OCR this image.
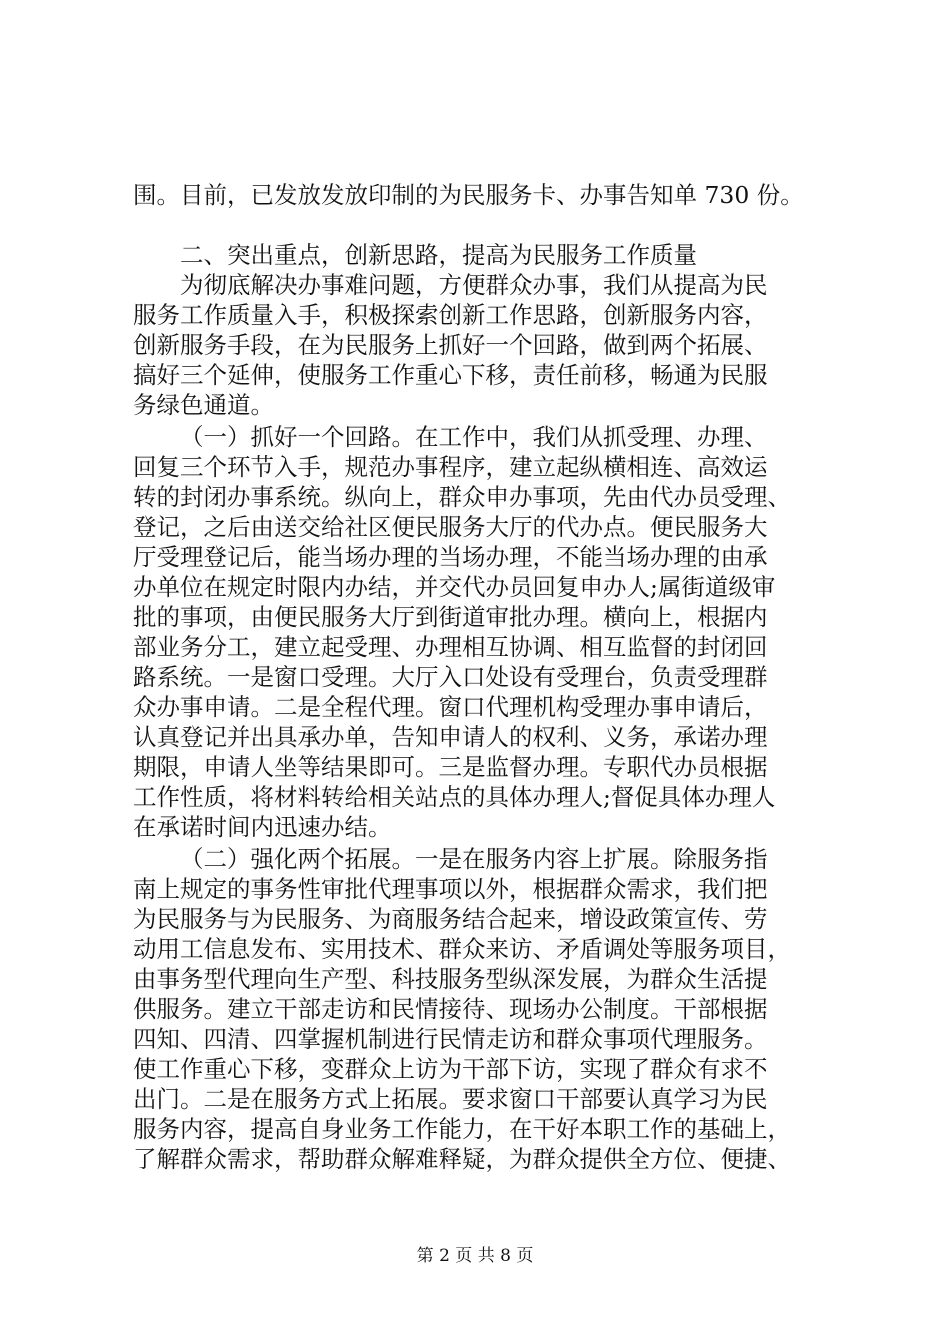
围。目前，已发放发放印制的为民服务卡、办事告知单 730 份。
二、突出重点，创新思路，提高为民服务工作质量
为彻底解决办事难问题，方便群众办事，我们从提高为民
服务工作质量入手，积极探索创新工作思路，创新服务内容，
创新服务手段，在为民服务上抓好一个回路，做到两个拓展、
搞好三个延伸，使服务工作重心下移，责任前移，畅通为民服
务绿色通道。
（一）抓好一个回路。在工作中，我们从抓受理、办理、
回复三个环节入手，规范办事程序，建立起纵横相连、高效运
转的封闭办事系统。纵向上，群众申办事项，先由代办员受理、
登记，之后由送交给社区便民服务大厅的代办点。便民服务大
厅受理登记后，能当场办理的当场办理，不能当场办理的由承
办单位在规定时限内办结，并交代办员回复申办人;属街道级审
批的事项，由便民服务大厅到街道审批办理。横向上，根据内
部业务分工，建立起受理、办理相互协调、相互监督的封闭回
路系统。一是窗口受理。大厅入口处设有受理台，负责受理群
众办事申请。二是全程代理。窗口代理机构受理办事申请后，
认真登记并出具承办单，告知申请人的权利、义务，承诺办理
期限，申请人坐等结果即可。三是监督办理。专职代办员根据
工作性质，将材料转给相关站点的具体办理人;督促具体办理人
在承诺时间内迅速办结。
（二）强化两个拓展。一是在服务内容上扩展。除服务指
南上规定的事务性审批代理事项以外，根据群众需求，我们把
为民服务与为民服务、为商服务结合起来，增设政策宣传、劳
动用工信息发布、实用技术、群众来访、矛盾调处等服务项目，
由事务型代理向生产型、科技服务型纵深发展，为群众生活提
供服务。建立干部走访和民情接待、现场办公制度。干部根据
四知、四清、四掌握机制进行民情走访和群众事项代理服务。
使工作重心下移，变群众上访为干部下访，实现了群众有求不
出门。二是在服务方式上拓展。要求窗口干部要认真学习为民
服务内容，提高自身业务工作能力，在干好本职工作的基础上，
了解群众需求，帮助群众解难释疑，为群众提供全方位、便捷、
第 2 页 共 8 页
